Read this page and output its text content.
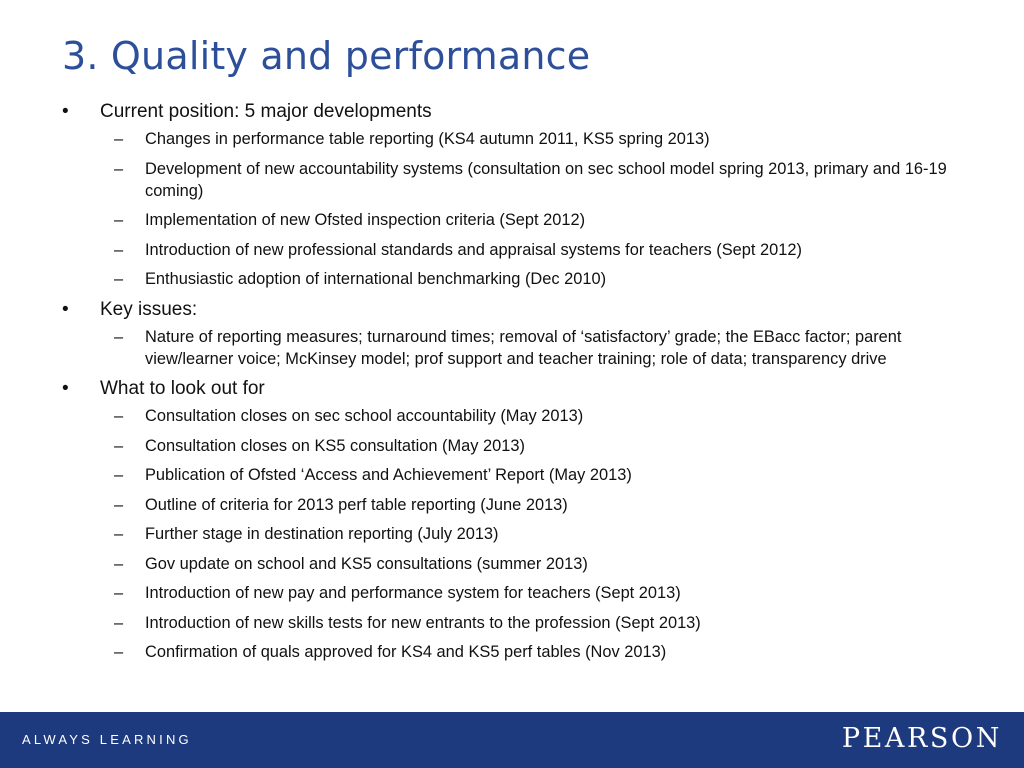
3. Quality and performance
• Current position: 5 major developments
– Changes in performance table reporting (KS4 autumn 2011, KS5 spring 2013)
– Development of new accountability systems (consultation on sec school model spring 2013, primary and 16-19 coming)
– Implementation of new Ofsted inspection criteria (Sept 2012)
– Introduction of new professional standards and appraisal systems for teachers (Sept 2012)
– Enthusiastic adoption of international benchmarking (Dec 2010)
• Key issues:
– Nature of reporting measures; turnaround times; removal of ‘satisfactory’ grade; the EBacc factor; parent view/learner voice; McKinsey model; prof support and teacher training; role of data; transparency drive
• What to look out for
– Consultation closes on sec school accountability (May 2013)
– Consultation closes on KS5 consultation (May 2013)
– Publication of Ofsted ‘Access and Achievement’ Report (May 2013)
– Outline of criteria for 2013 perf table reporting (June 2013)
– Further stage in destination reporting (July 2013)
– Gov update on school and KS5 consultations (summer 2013)
– Introduction of new pay and performance system for teachers (Sept 2013)
– Introduction of new skills tests for new entrants to the profession (Sept 2013)
– Confirmation of quals approved for KS4 and KS5 perf tables (Nov 2013)
ALWAYS LEARNING	PEARSON
